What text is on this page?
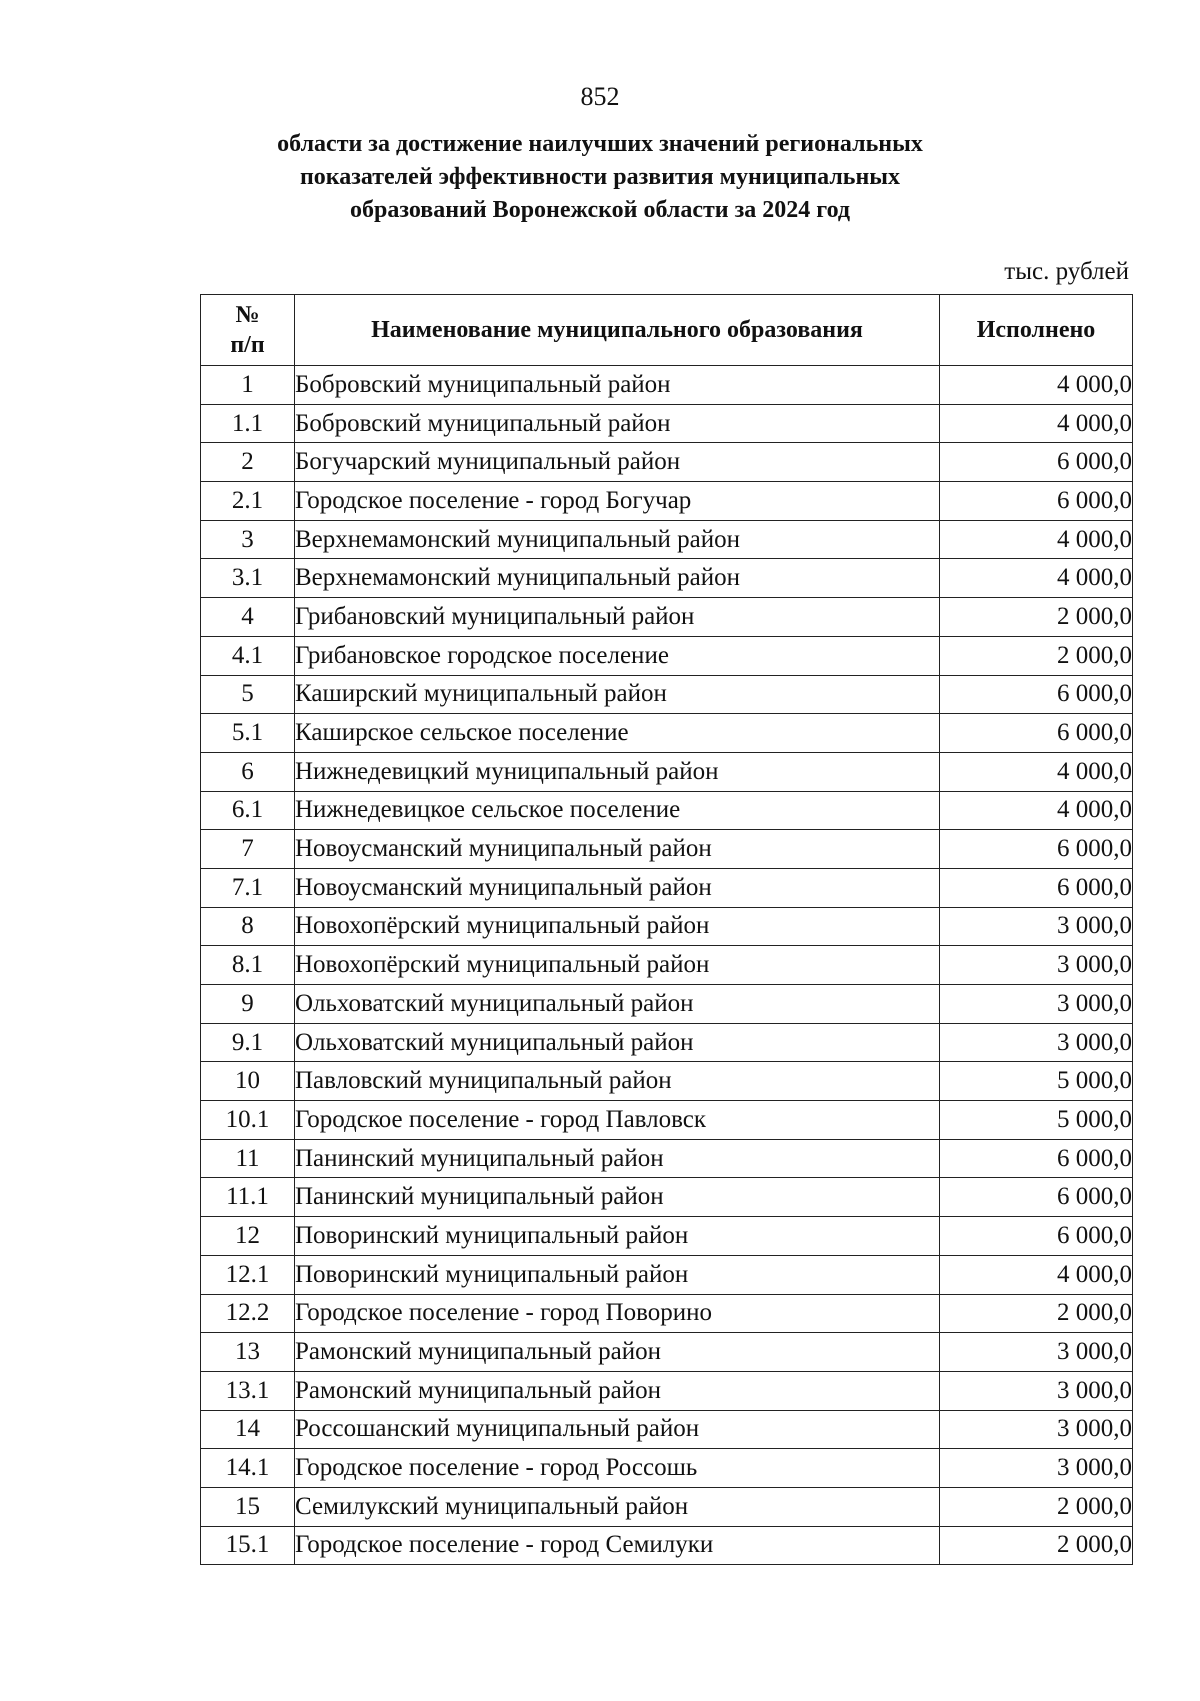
852
области за достижение наилучших значений региональных
показателей эффективности развития муниципальных
образований Воронежской области за 2024 год
тыс. рублей
№
п/п	Наименование муниципального образования	Исполнено
1	Бобровский муниципальный район	4 000,0
1.1	Бобровский муниципальный район	4 000,0
2	Богучарский муниципальный район	6 000,0
2.1	Городское поселение - город Богучар	6 000,0
3	Верхнемамонский муниципальный район	4 000,0
3.1	Верхнемамонский муниципальный район	4 000,0
4	Грибановский муниципальный район	2 000,0
4.1	Грибановское городское поселение	2 000,0
5	Каширский муниципальный район	6 000,0
5.1	Каширское сельское поселение	6 000,0
6	Нижнедевицкий муниципальный район	4 000,0
6.1	Нижнедевицкое сельское поселение	4 000,0
7	Новоусманский муниципальный район	6 000,0
7.1	Новоусманский муниципальный район	6 000,0
8	Новохопёрский муниципальный район	3 000,0
8.1	Новохопёрский муниципальный район	3 000,0
9	Ольховатский муниципальный район	3 000,0
9.1	Ольховатский муниципальный район	3 000,0
10	Павловский муниципальный район	5 000,0
10.1	Городское поселение - город Павловск	5 000,0
11	Панинский муниципальный район	6 000,0
11.1	Панинский муниципальный район	6 000,0
12	Поворинский муниципальный район	6 000,0
12.1	Поворинский муниципальный район	4 000,0
12.2	Городское поселение - город Поворино	2 000,0
13	Рамонский муниципальный район	3 000,0
13.1	Рамонский муниципальный район	3 000,0
14	Россошанский муниципальный район	3 000,0
14.1	Городское поселение - город Россошь	3 000,0
15	Семилукский муниципальный район	2 000,0
15.1	Городское поселение - город Семилуки	2 000,0
